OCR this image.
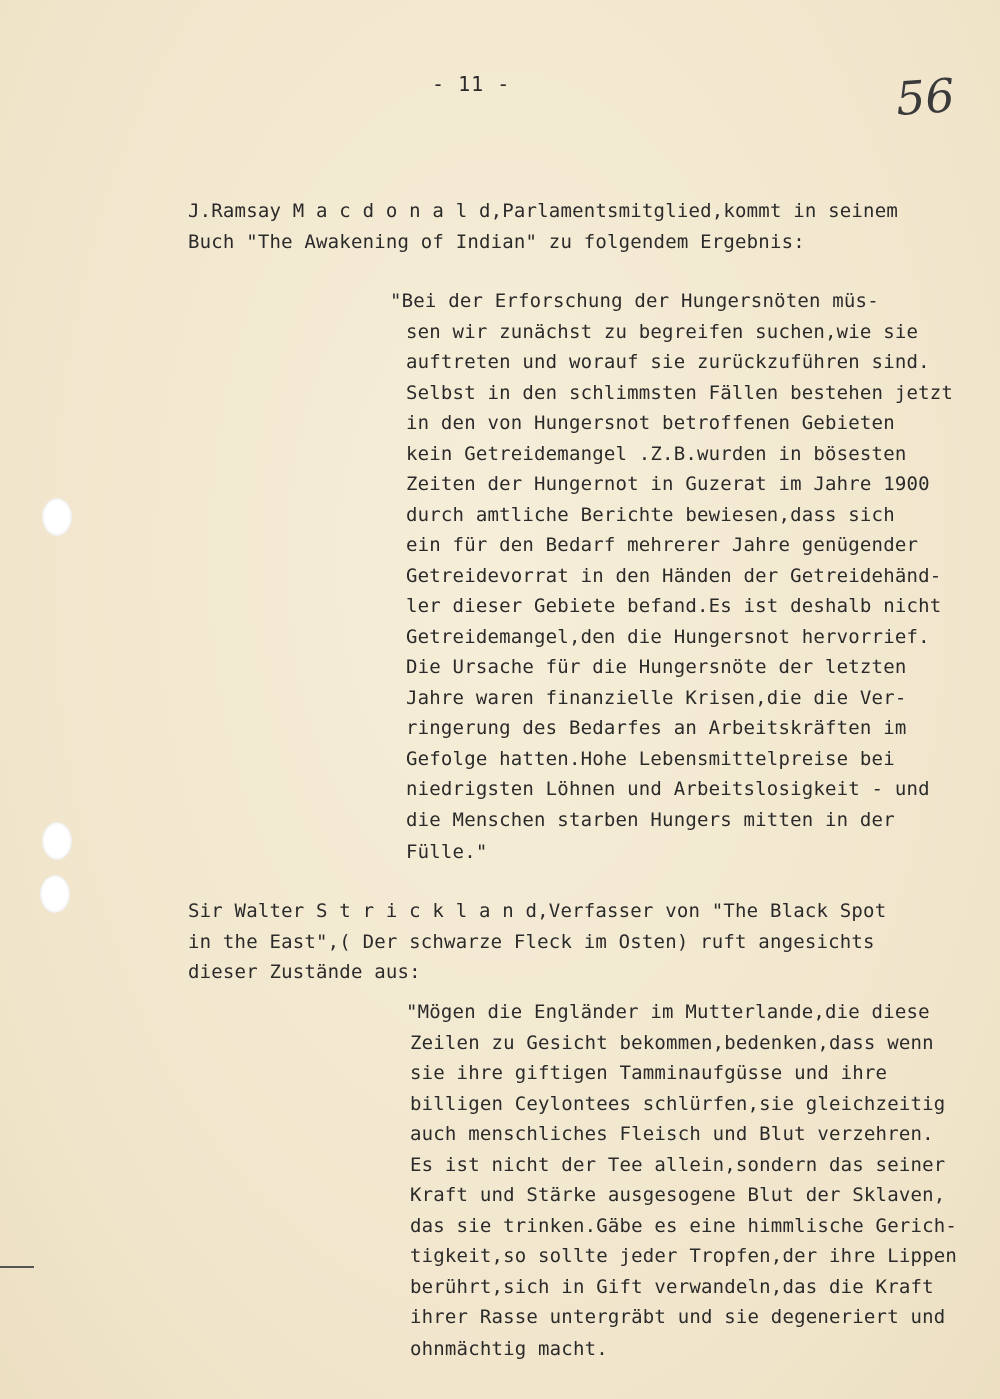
- 11 -	56
J.Ramsay M a c d o n a l d,Parlamentsmitglied,kommt in seinem
Buch "The Awakening of Indian" zu folgendem Ergebnis:
"Bei der Erforschung der Hungersnöten müs-
sen wir zunächst zu begreifen suchen,wie sie
auftreten und worauf sie zurückzuführen sind.
Selbst in den schlimmsten Fällen bestehen jetzt
in den von Hungersnot betroffenen Gebieten
kein Getreidemangel .Z.B.wurden in bösesten
Zeiten der Hungernot in Guzerat im Jahre 1900
durch amtliche Berichte bewiesen,dass sich
ein für den Bedarf mehrerer Jahre genügender
Getreidevorrat in den Händen der Getreidehänd-
ler dieser Gebiete befand.Es ist deshalb nicht
Getreidemangel,den die Hungersnot hervorrief.
Die Ursache für die Hungersnöte der letzten
Jahre waren finanzielle Krisen,die die Ver-
ringerung des Bedarfes an Arbeitskräften im
Gefolge hatten.Hohe Lebensmittelpreise bei
niedrigsten Löhnen und Arbeitslosigkeit - und
die Menschen starben Hungers mitten in der
Fülle."
Sir Walter S t r i c k l a n d,Verfasser von "The Black Spot
in the East",( Der schwarze Fleck im Osten) ruft angesichts
dieser Zustände aus:
"Mögen die Engländer im Mutterlande,die diese
Zeilen zu Gesicht bekommen,bedenken,dass wenn
sie ihre giftigen Tamminaufgüsse und ihre
billigen Ceylontees schlürfen,sie gleichzeitig
auch menschliches Fleisch und Blut verzehren.
Es ist nicht der Tee allein,sondern das seiner
Kraft und Stärke ausgesogene Blut der Sklaven,
das sie trinken.Gäbe es eine himmlische Gerich-
tigkeit,so sollte jeder Tropfen,der ihre Lippen
berührt,sich in Gift verwandeln,das die Kraft
ihrer Rasse untergräbt und sie degeneriert und
ohnmächtig macht.
